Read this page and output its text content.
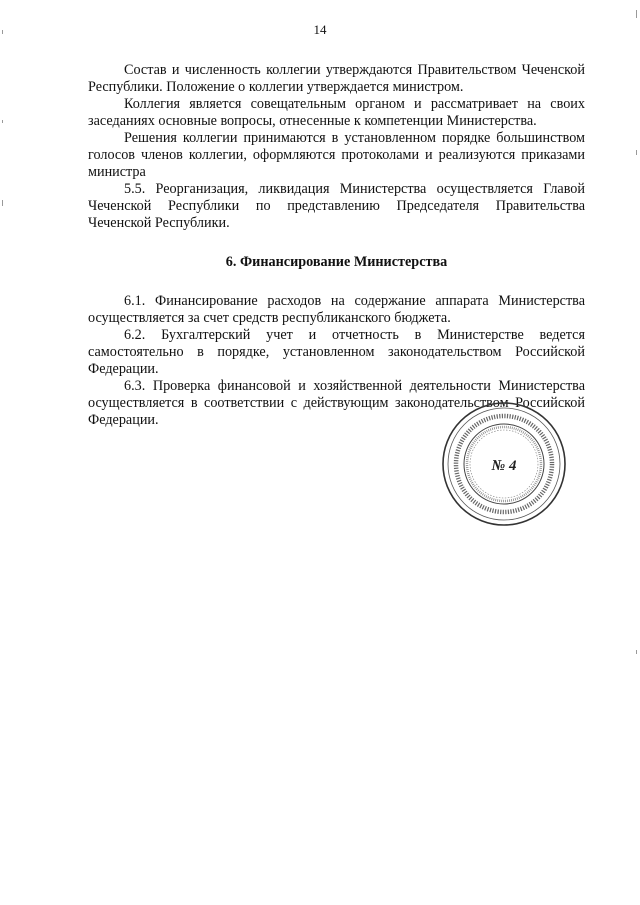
14

Состав и численность коллегии утверждаются Правительством Чеченской Республики. Положение о коллегии утверждается министром.

Коллегия является совещательным органом и рассматривает на своих заседаниях основные вопросы, отнесенные к компетенции Министерства.

Решения коллегии принимаются в установленном порядке большинством голосов членов коллегии, оформляются протоколами и реализуются приказами министра

5.5. Реорганизация, ликвидация Министерства осуществляется Главой Чеченской Республики по представлению Председателя Правительства Чеченской Республики.

6. Финансирование Министерства

6.1. Финансирование расходов на содержание аппарата Министерства осуществляется за счет средств республиканского бюджета.

6.2. Бухгалтерский учет и отчетность в Министерстве ведется самостоятельно в порядке, установленном законодательством Российской Федерации.

6.3. Проверка финансовой и хозяйственной деятельности Министерства осуществляется в соответствии с действующим законодательством Российской Федерации.

№ 4
